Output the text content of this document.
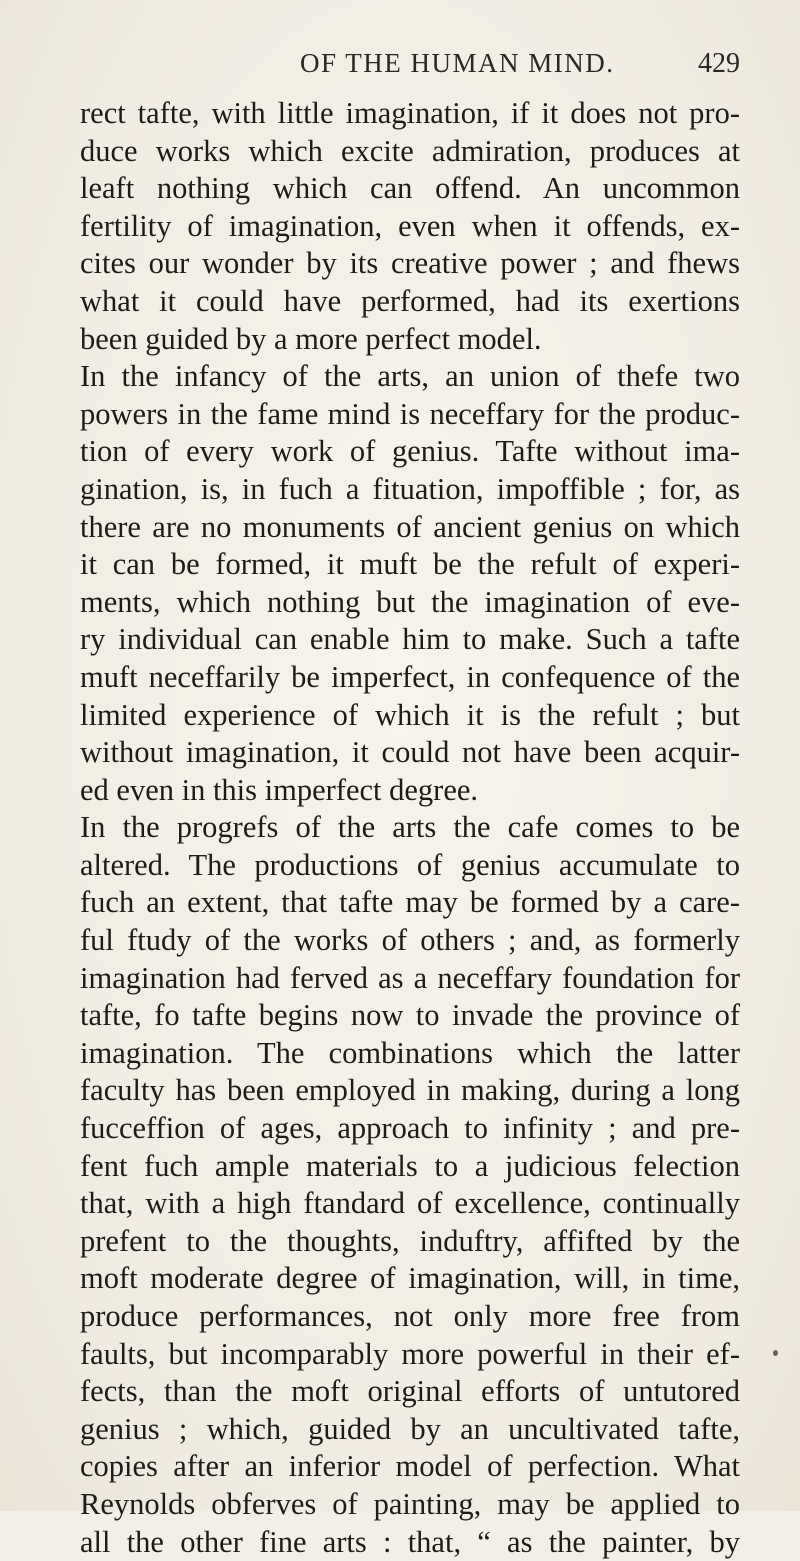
OF THE HUMAN MIND.	429
rect tafte, with little imagination, if it does not pro-
duce works which excite admiration, produces at
leaft nothing which can offend. An uncommon
fertility of imagination, even when it offends, ex-
cites our wonder by its creative power ; and fhews
what it could have performed, had its exertions
been guided by a more perfect model.
In the infancy of the arts, an union of thefe two
powers in the fame mind is neceffary for the produc-
tion of every work of genius. Tafte without ima-
gination, is, in fuch a fituation, impoffible ; for, as
there are no monuments of ancient genius on which
it can be formed, it muft be the refult of experi-
ments, which nothing but the imagination of eve-
ry individual can enable him to make. Such a tafte
muft neceffarily be imperfect, in confequence of the
limited experience of which it is the refult ; but
without imagination, it could not have been acquir-
ed even in this imperfect degree.
In the progrefs of the arts the cafe comes to be
altered. The productions of genius accumulate to
fuch an extent, that tafte may be formed by a care-
ful ftudy of the works of others ; and, as formerly
imagination had ferved as a neceffary foundation for
tafte, fo tafte begins now to invade the province of
imagination. The combinations which the latter
faculty has been employed in making, during a long
fucceffion of ages, approach to infinity ; and pre-
fent fuch ample materials to a judicious felection
that, with a high ftandard of excellence, continually
prefent to the thoughts, induftry, affifted by the
moft moderate degree of imagination, will, in time,
produce performances, not only more free from
faults, but incomparably more powerful in their ef-
fects, than the moft original efforts of untutored
genius ; which, guided by an uncultivated tafte,
copies after an inferior model of perfection. What
Reynolds obferves of painting, may be applied to
all the other fine arts : that, “ as the painter, by
